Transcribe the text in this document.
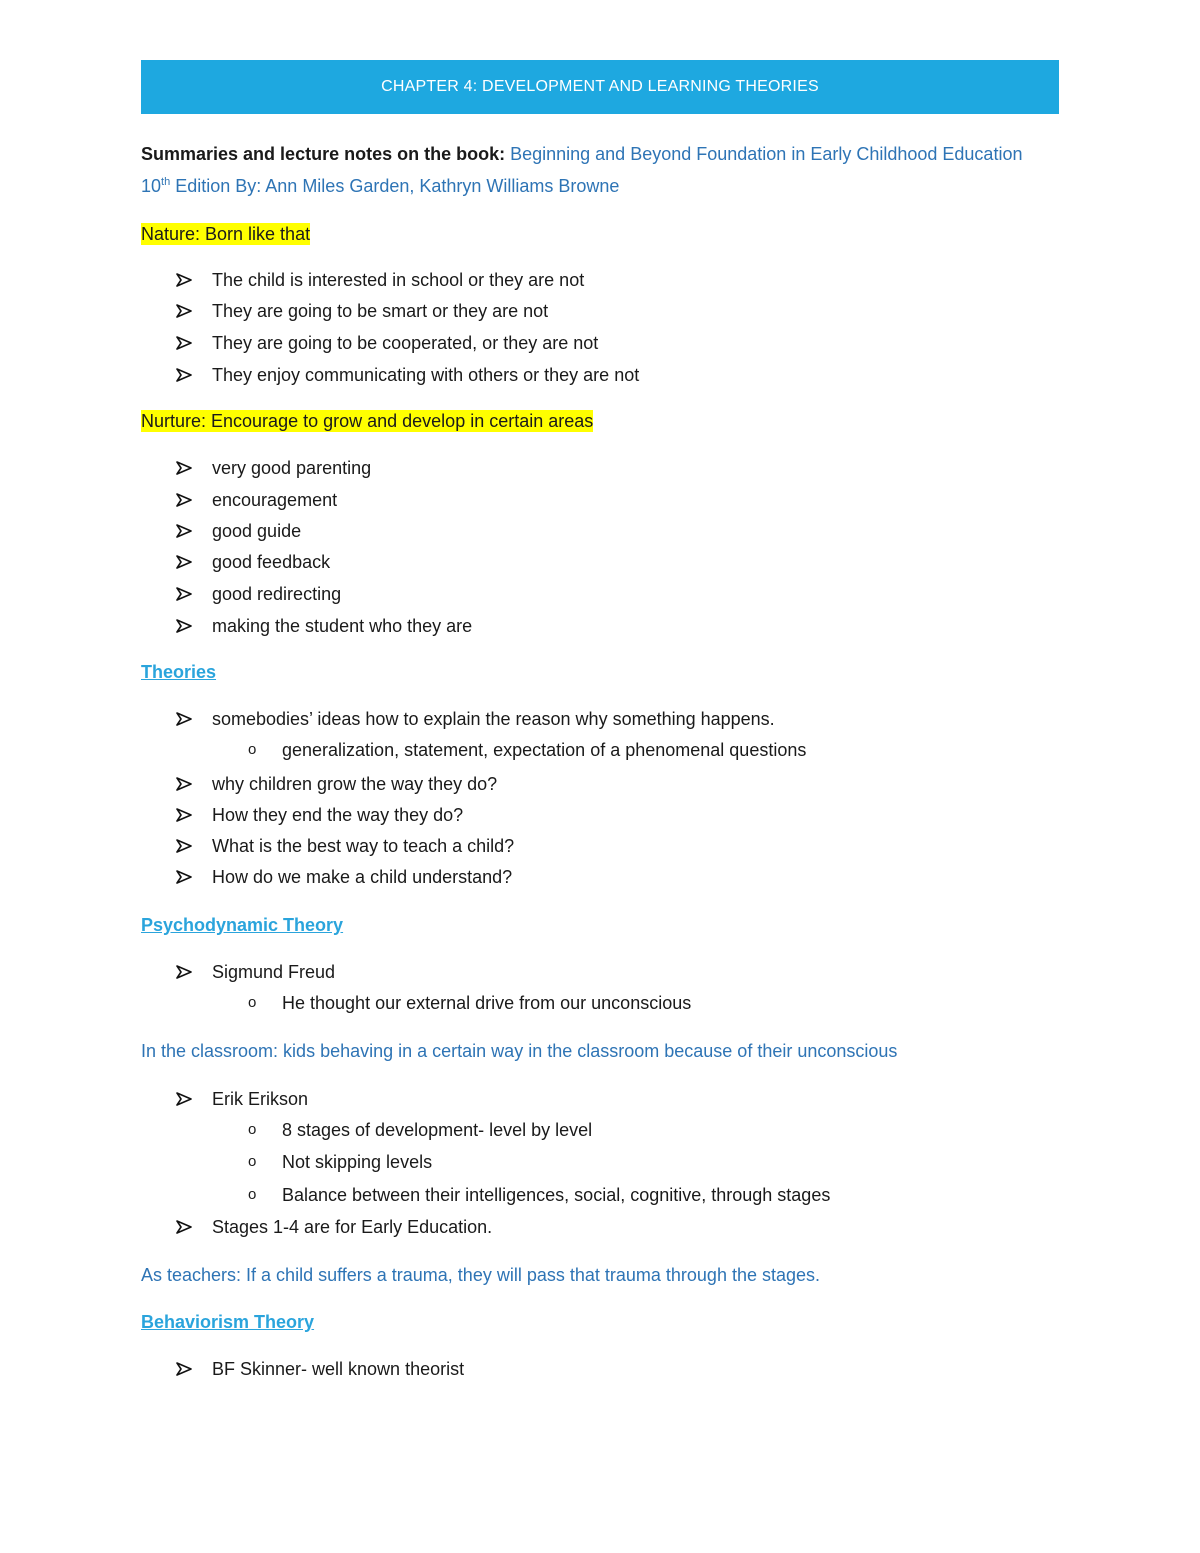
CHAPTER 4: DEVELOPMENT AND LEARNING THEORIES
Summaries and lecture notes on the book: Beginning and Beyond Foundation in Early Childhood Education
10th Edition By: Ann Miles Garden, Kathryn Williams Browne
Nature: Born like that
The child is interested in school or they are not
They are going to be smart or they are not
They are going to be cooperated, or they are not
They enjoy communicating with others or they are not
Nurture: Encourage to grow and develop in certain areas
very good parenting
encouragement
good guide
good feedback
good redirecting
making the student who they are
Theories
somebodies’ ideas how to explain the reason why something happens.
o	generalization, statement, expectation of a phenomenal questions
why children grow the way they do?
How they end the way they do?
What is the best way to teach a child?
How do we make a child understand?
Psychodynamic Theory
Sigmund Freud
o	He thought our external drive from our unconscious
In the classroom: kids behaving in a certain way in the classroom because of their unconscious
Erik Erikson
o	8 stages of development- level by level
o	Not skipping levels
o	Balance between their intelligences, social, cognitive, through stages
Stages 1-4 are for Early Education.
As teachers: If a child suffers a trauma, they will pass that trauma through the stages.
Behaviorism Theory
BF Skinner- well known theorist
